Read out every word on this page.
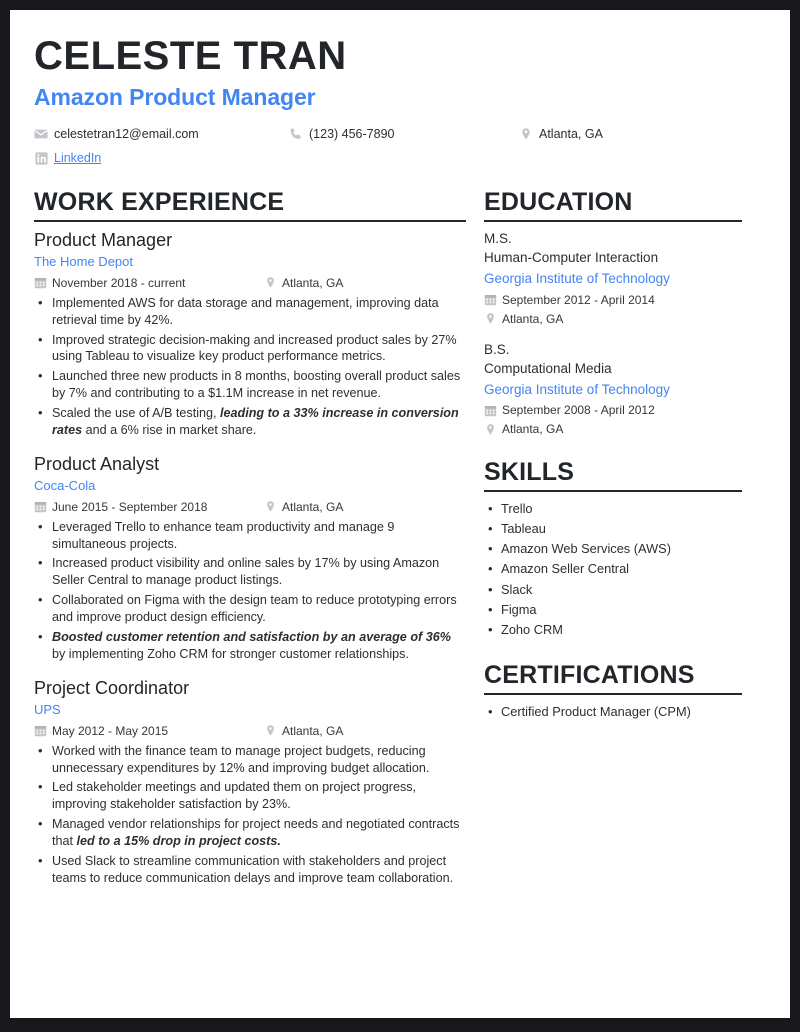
CELESTE TRAN
Amazon Product Manager
celestetran12@email.com	(123) 456-7890	Atlanta, GA
LinkedIn
WORK EXPERIENCE
Product Manager
The Home Depot
November 2018 - current	Atlanta, GA
• Implemented AWS for data storage and management, improving data retrieval time by 42%.
• Improved strategic decision-making and increased product sales by 27% using Tableau to visualize key product performance metrics.
• Launched three new products in 8 months, boosting overall product sales by 7% and contributing to a $1.1M increase in net revenue.
• Scaled the use of A/B testing, leading to a 33% increase in conversion rates and a 6% rise in market share.
Product Analyst
Coca-Cola
June 2015 - September 2018	Atlanta, GA
• Leveraged Trello to enhance team productivity and manage 9 simultaneous projects.
• Increased product visibility and online sales by 17% by using Amazon Seller Central to manage product listings.
• Collaborated on Figma with the design team to reduce prototyping errors and improve product design efficiency.
• Boosted customer retention and satisfaction by an average of 36% by implementing Zoho CRM for stronger customer relationships.
Project Coordinator
UPS
May 2012 - May 2015	Atlanta, GA
• Worked with the finance team to manage project budgets, reducing unnecessary expenditures by 12% and improving budget allocation.
• Led stakeholder meetings and updated them on project progress, improving stakeholder satisfaction by 23%.
• Managed vendor relationships for project needs and negotiated contracts that led to a 15% drop in project costs.
• Used Slack to streamline communication with stakeholders and project teams to reduce communication delays and improve team collaboration.
EDUCATION
M.S.
Human-Computer Interaction
Georgia Institute of Technology
September 2012 - April 2014
Atlanta, GA
B.S.
Computational Media
Georgia Institute of Technology
September 2008 - April 2012
Atlanta, GA
SKILLS
• Trello
• Tableau
• Amazon Web Services (AWS)
• Amazon Seller Central
• Slack
• Figma
• Zoho CRM
CERTIFICATIONS
• Certified Product Manager (CPM)
